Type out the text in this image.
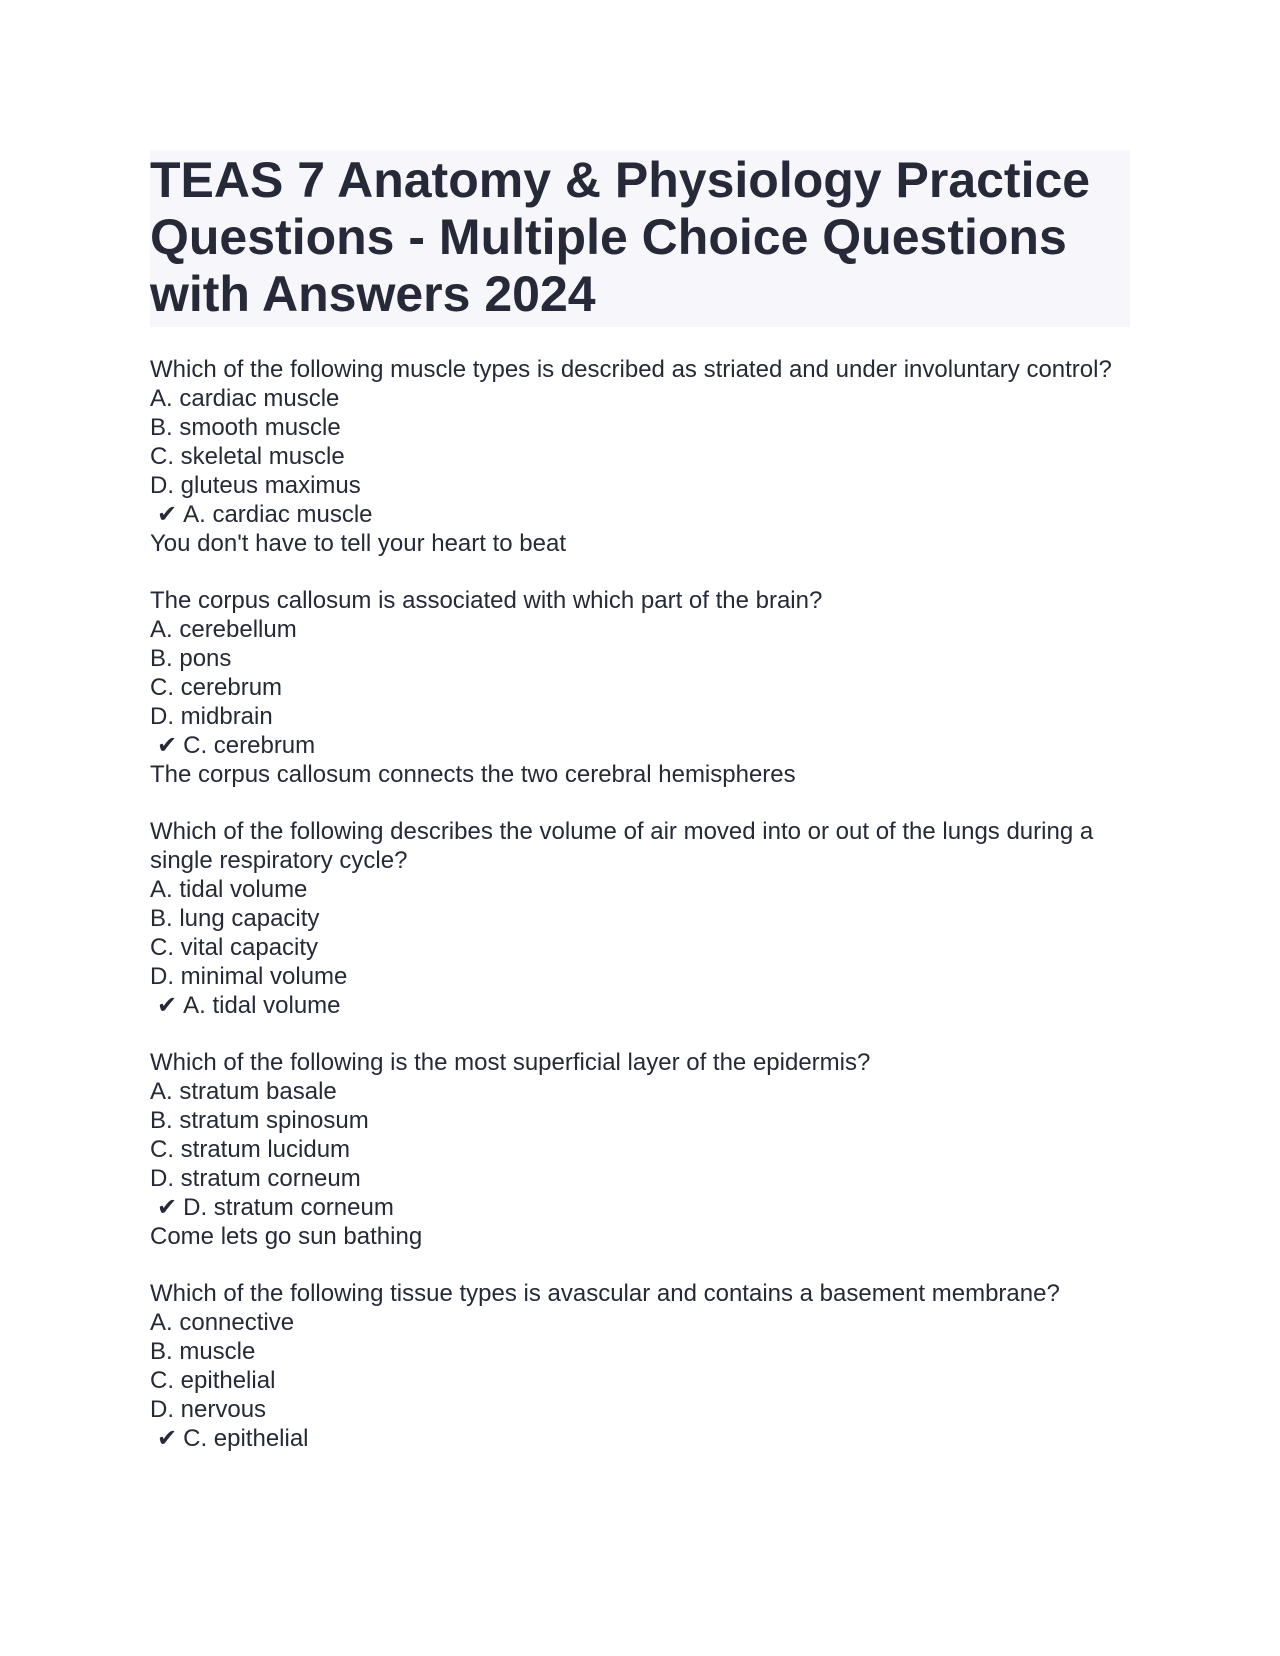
TEAS 7 Anatomy & Physiology Practice Questions - Multiple Choice Questions with Answers 2024
Which of the following muscle types is described as striated and under involuntary control?
A. cardiac muscle
B. smooth muscle
C. skeletal muscle
D. gluteus maximus
✔ A. cardiac muscle
You don't have to tell your heart to beat
The corpus callosum is associated with which part of the brain?
A. cerebellum
B. pons
C. cerebrum
D. midbrain
✔ C. cerebrum
The corpus callosum connects the two cerebral hemispheres
Which of the following describes the volume of air moved into or out of the lungs during a single respiratory cycle?
A. tidal volume
B. lung capacity
C. vital capacity
D. minimal volume
✔ A. tidal volume
Which of the following is the most superficial layer of the epidermis?
A. stratum basale
B. stratum spinosum
C. stratum lucidum
D. stratum corneum
✔ D. stratum corneum
Come lets go sun bathing
Which of the following tissue types is avascular and contains a basement membrane?
A. connective
B. muscle
C. epithelial
D. nervous
✔ C. epithelial
